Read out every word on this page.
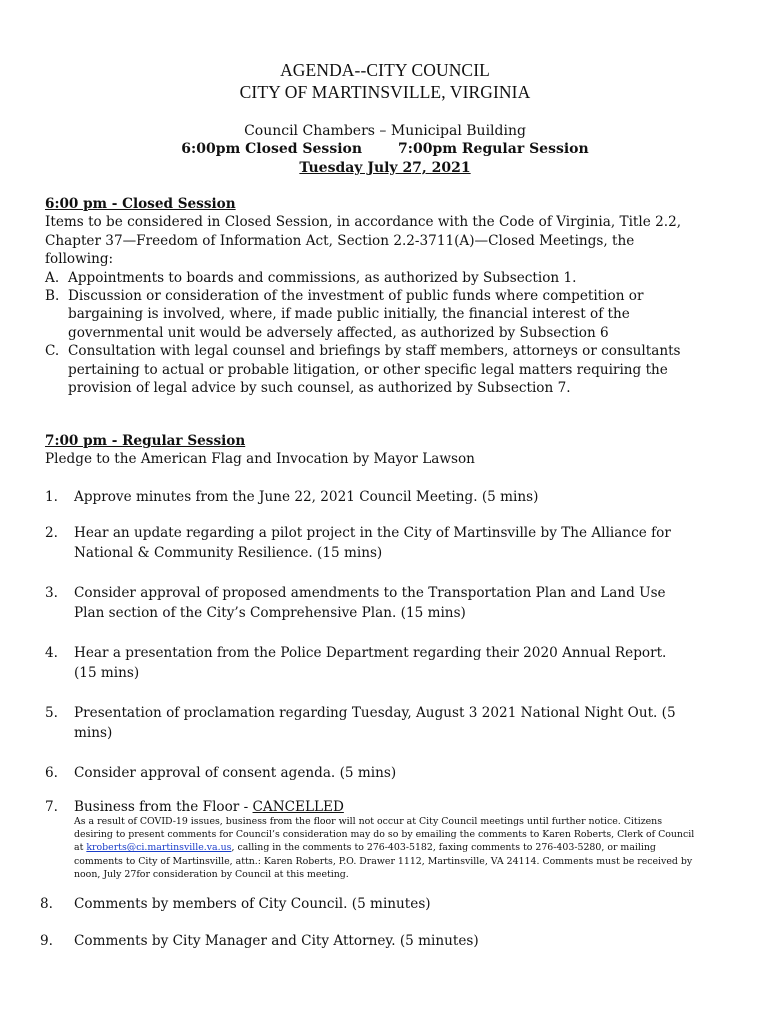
AGENDA--CITY COUNCIL
CITY OF MARTINSVILLE, VIRGINIA
Council Chambers – Municipal Building
6:00pm Closed Session	7:00pm Regular Session
Tuesday July 27, 2021
6:00 pm - Closed Session
Items to be considered in Closed Session, in accordance with the Code of Virginia, Title 2.2,
Chapter 37—Freedom of Information Act, Section 2.2-3711(A)—Closed Meetings, the
following:
A. Appointments to boards and commissions, as authorized by Subsection 1.
B. Discussion or consideration of the investment of public funds where competition or
bargaining is involved, where, if made public initially, the financial interest of the
governmental unit would be adversely affected, as authorized by Subsection 6
C. Consultation with legal counsel and briefings by staff members, attorneys or consultants
pertaining to actual or probable litigation, or other specific legal matters requiring the
provision of legal advice by such counsel, as authorized by Subsection 7.
7:00 pm - Regular Session
Pledge to the American Flag and Invocation by Mayor Lawson
1.	Approve minutes from the June 22, 2021 Council Meeting. (5 mins)
2.	Hear an update regarding a pilot project in the City of Martinsville by The Alliance for
National & Community Resilience. (15 mins)
3.	Consider approval of proposed amendments to the Transportation Plan and Land Use
Plan section of the City’s Comprehensive Plan. (15 mins)
4.	Hear a presentation from the Police Department regarding their 2020 Annual Report.
(15 mins)
5.	Presentation of proclamation regarding Tuesday, August 3 2021 National Night Out. (5
mins)
6.	Consider approval of consent agenda. (5 mins)
7.	Business from the Floor - CANCELLED
As a result of COVID-19 issues, business from the floor will not occur at City Council meetings until further notice. Citizens
desiring to present comments for Council’s consideration may do so by emailing the comments to Karen Roberts, Clerk of Council
at kroberts@ci.martinsville.va.us, calling in the comments to 276-403-5182, faxing comments to 276-403-5280, or mailing
comments to City of Martinsville, attn.: Karen Roberts, P.O. Drawer 1112, Martinsville, VA 24114. Comments must be received by
noon, July 27for consideration by Council at this meeting.
8.	Comments by members of City Council. (5 minutes)
9.	Comments by City Manager and City Attorney. (5 minutes)
